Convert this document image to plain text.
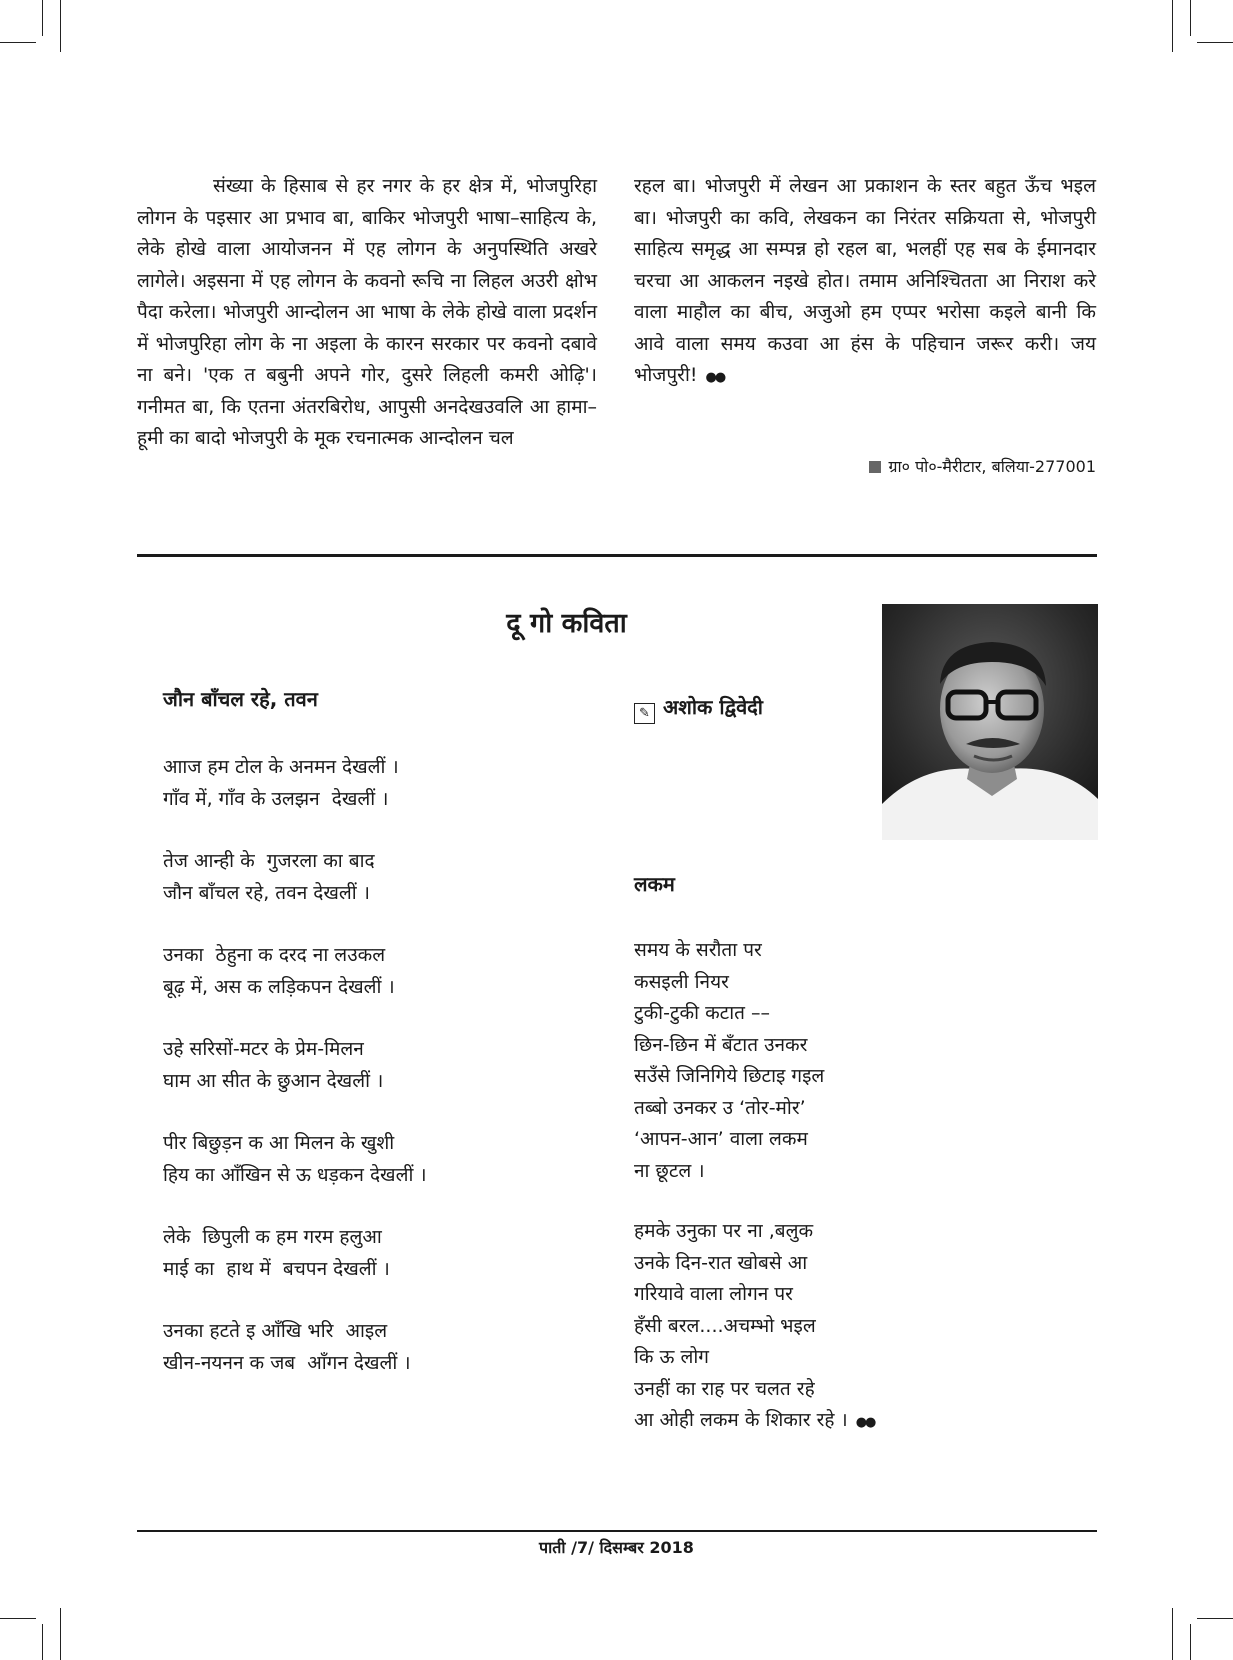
संख्या के हिसाब से हर नगर के हर क्षेत्र में, भोजपुरिहा लोगन के पइसार आ प्रभाव बा, बाकिर भोजपुरी भाषा–साहित्य के, लेके होखे वाला आयोजनन में एह लोगन के अनुपस्थिति अखरे लागेले। अइसना में एह लोगन के कवनो रूचि ना लिहल अउरी क्षोभ पैदा करेला। भोजपुरी आन्दोलन आ भाषा के लेके होखे वाला प्रदर्शन में भोजपुरिहा लोग के ना अइला के कारन सरकार पर कवनो दबावे ना बने। 'एक त बबुनी अपने गोर, दुसरे लिहली कमरी ओढ़ि'। गनीमत बा, कि एतना अंतरबिरोध, आपुसी अनदेखउवलि आ हामा–हूमी का बादो भोजपुरी के मूक रचनात्मक आन्दोलन चल

रहल बा। भोजपुरी में लेखन आ प्रकाशन के स्तर बहुत ऊँच भइल बा। भोजपुरी का कवि, लेखकन का निरंतर सक्रियता से, भोजपुरी साहित्य समृद्ध आ सम्पन्न हो रहल बा, भलहीं एह सब के ईमानदार चरचा आ आकलन नइखे होत। तमाम अनिश्चितता आ निराश करे वाला माहौल का बीच, अजुओ हम एप्पर भरोसा कइले बानी कि आवे वाला समय कउवा आ हंस के पहिचान जरूर करी। जय भोजपुरी! ●●

ग्रा० पो०-मैरीटार, बलिया-277001
दू गो कविता
जौन बाँचल रहे, तवन
✎ अशोक द्विवेदी
आाज हम टोल के अनमन देखलीं ।
गाँव में, गाँव के उलझन  देखलीं ।
तेज आन्ही के  गुजरला का बाद
जौन बाँचल रहे, तवन देखलीं ।
उनका  ठेहुना क दरद ना लउकल
बूढ़ में, अस क लड़िकपन देखलीं ।
उहे सरिसों-मटर के प्रेम-मिलन
घाम आ सीत के छुआन देखलीं ।
पीर बिछुड़न क आ मिलन के खुशी
हिय का आँखिन से ऊ धड़कन देखलीं ।
लेके  छिपुली क हम गरम हलुआ
माई का  हाथ में  बचपन देखलीं ।
उनका हटते इ आँखि भरि  आइल
खीन-नयनन क जब  आँगन देखलीं ।
लकम
समय के सरौता पर
कसइली नियर
टुकी-टुकी कटात ––
छिन-छिन में बँटात उनकर
सउँसे जिनिगिये छिटाइ गइल
तब्बो उनकर उ ‘तोर-मोर’
‘आपन-आन’ वाला लकम
ना छूटल ।
हमके उनुका पर ना ,बलुक
उनके दिन-रात खोबसे आ
गरियावे वाला लोगन पर
हँसी बरल....अचम्भो भइल
कि ऊ लोग
उनहीं का राह पर चलत रहे
आ ओही लकम के शिकार रहे । ●●
पाती /7/ दिसम्बर 2018
